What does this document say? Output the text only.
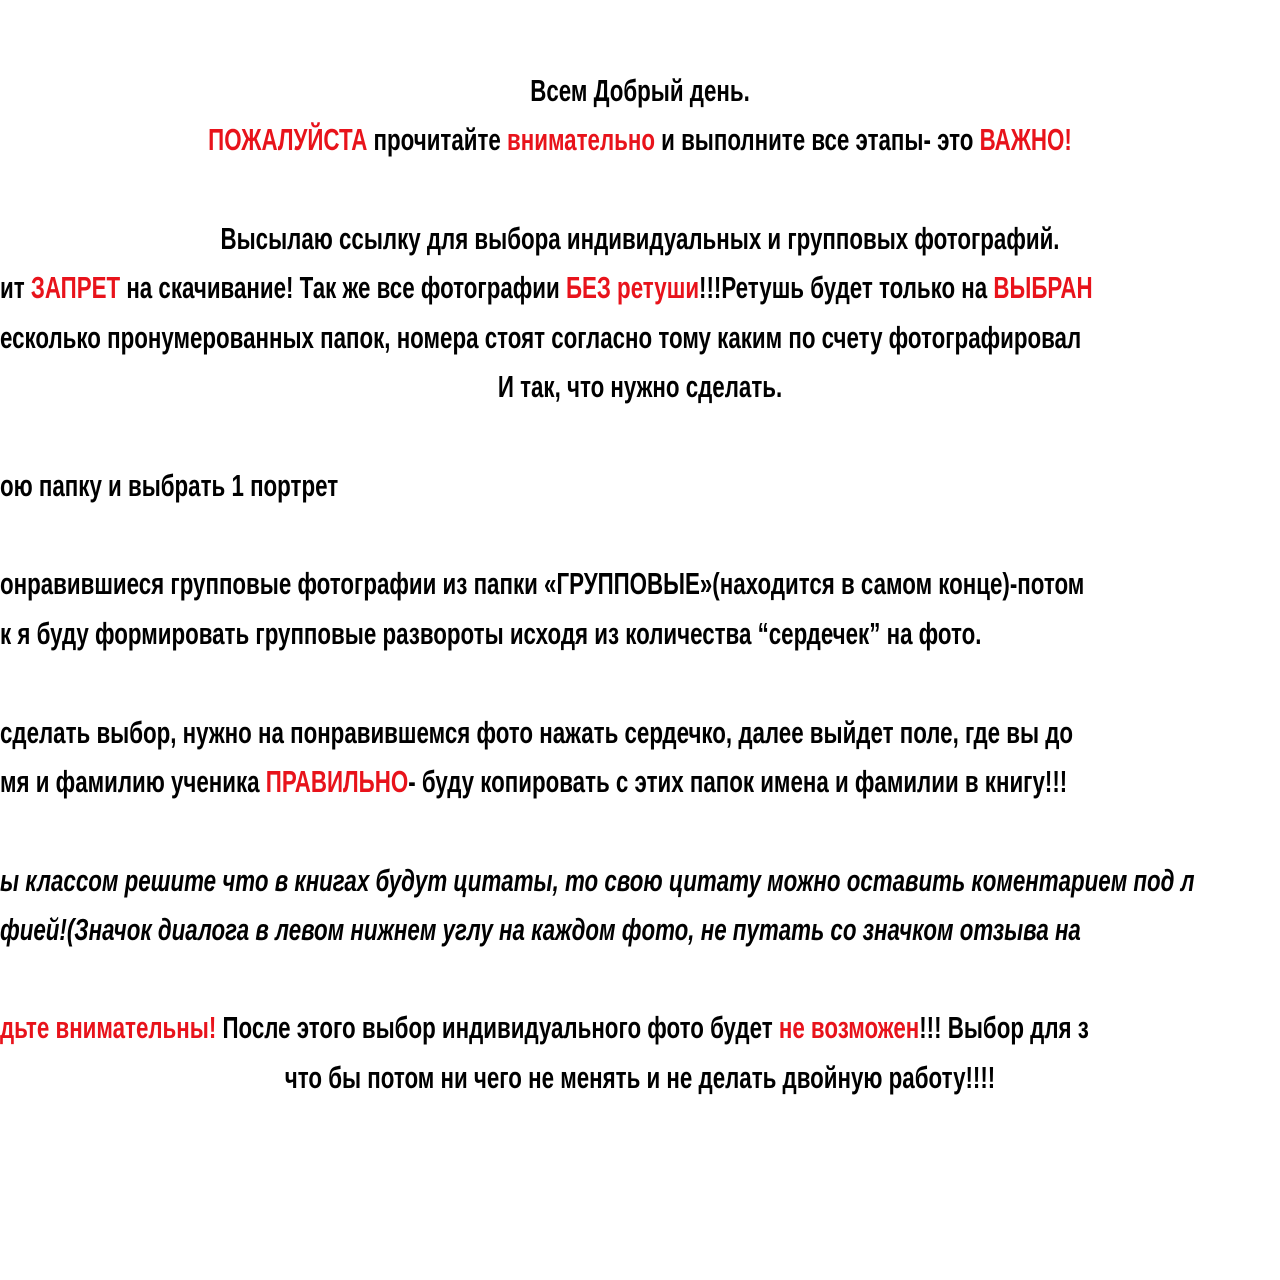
Всем Добрый день.
ПОЖАЛУЙСТА прочитайте внимательно и выполните все этапы- это ВАЖНО!
Высылаю ссылку для выбора индивидуальных и групповых фотографий.
ит ЗАПРЕТ на скачивание! Так же все фотографии БЕЗ ретуши!!!Ретушь будет только на ВЫБРАН
есколько пронумерованных папок, номера стоят согласно тому каким по счету фотографировал
И так, что нужно сделать.
ою папку и выбрать 1 портрет
онравившиеся групповые фотографии из папки «ГРУППОВЫЕ»(находится в самом конце)-потом
к я буду формировать групповые развороты исходя из количества “сердечек” на фото.
сделать выбор, нужно на понравившемся фото нажать сердечко, далее выйдет поле, где вы до
мя и фамилию ученика ПРАВИЛЬНО- буду копировать с этих папок имена и фамилии в книгу!!!
ы классом решите что в книгах будут цитаты, то свою цитату можно оставить коментарием под л
фией!(Значок диалога в левом нижнем углу на каждом фото, не путать со значком отзыва на
дьте внимательны! После этого выбор индивидуального фото будет не возможен!!! Выбор для з
что бы потом ни чего не менять и не делать двойную работу!!!!
